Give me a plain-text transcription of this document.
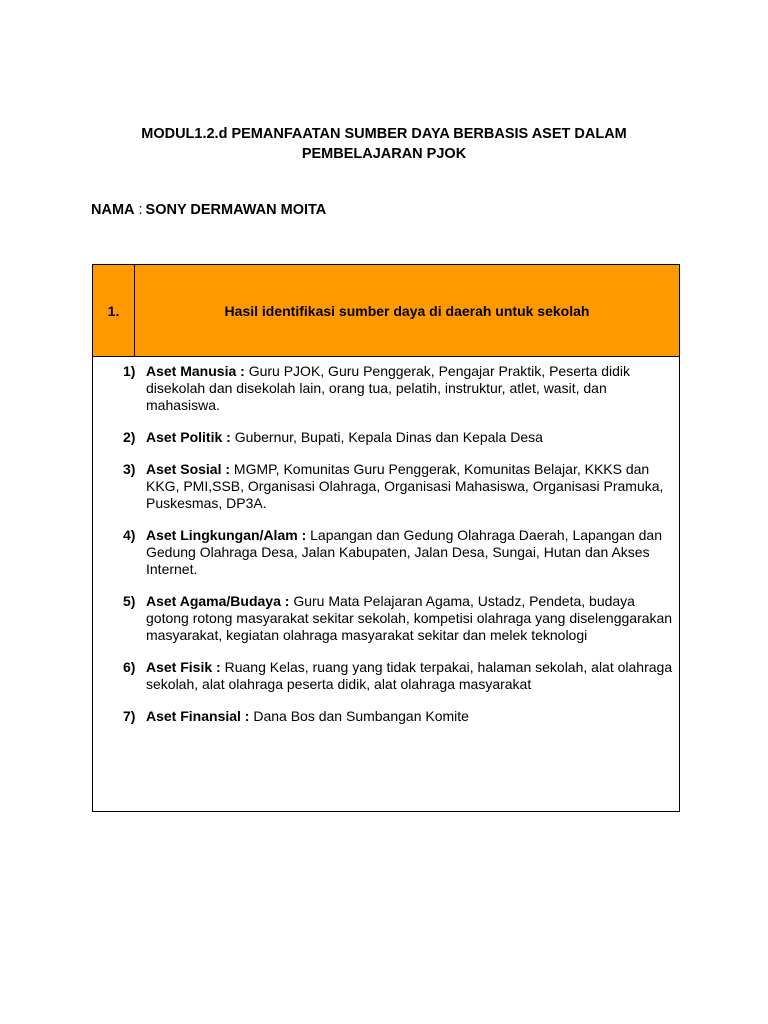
MODUL1.2.d PEMANFAATAN SUMBER DAYA BERBASIS ASET DALAM
PEMBELAJARAN PJOK
NAMA : SONY DERMAWAN MOITA
1.	Hasil identifikasi sumber daya di daerah untuk sekolah
1) Aset Manusia : Guru PJOK, Guru Penggerak, Pengajar Praktik, Peserta didik disekolah dan disekolah lain, orang tua, pelatih, instruktur, atlet, wasit, dan mahasiswa.
2) Aset Politik : Gubernur, Bupati, Kepala Dinas dan Kepala Desa
3) Aset Sosial : MGMP, Komunitas Guru Penggerak, Komunitas Belajar, KKKS dan KKG, PMI,SSB, Organisasi Olahraga, Organisasi Mahasiswa, Organisasi Pramuka, Puskesmas, DP3A.
4) Aset Lingkungan/Alam : Lapangan dan Gedung Olahraga Daerah, Lapangan dan Gedung Olahraga Desa, Jalan Kabupaten, Jalan Desa, Sungai, Hutan dan Akses Internet.
5) Aset Agama/Budaya : Guru Mata Pelajaran Agama, Ustadz, Pendeta, budaya gotong rotong masyarakat sekitar sekolah, kompetisi olahraga yang diselenggarakan masyarakat, kegiatan olahraga masyarakat sekitar dan melek teknologi
6) Aset Fisik : Ruang Kelas, ruang yang tidak terpakai, halaman sekolah, alat olahraga sekolah, alat olahraga peserta didik, alat olahraga masyarakat
7) Aset Finansial : Dana Bos dan Sumbangan Komite
